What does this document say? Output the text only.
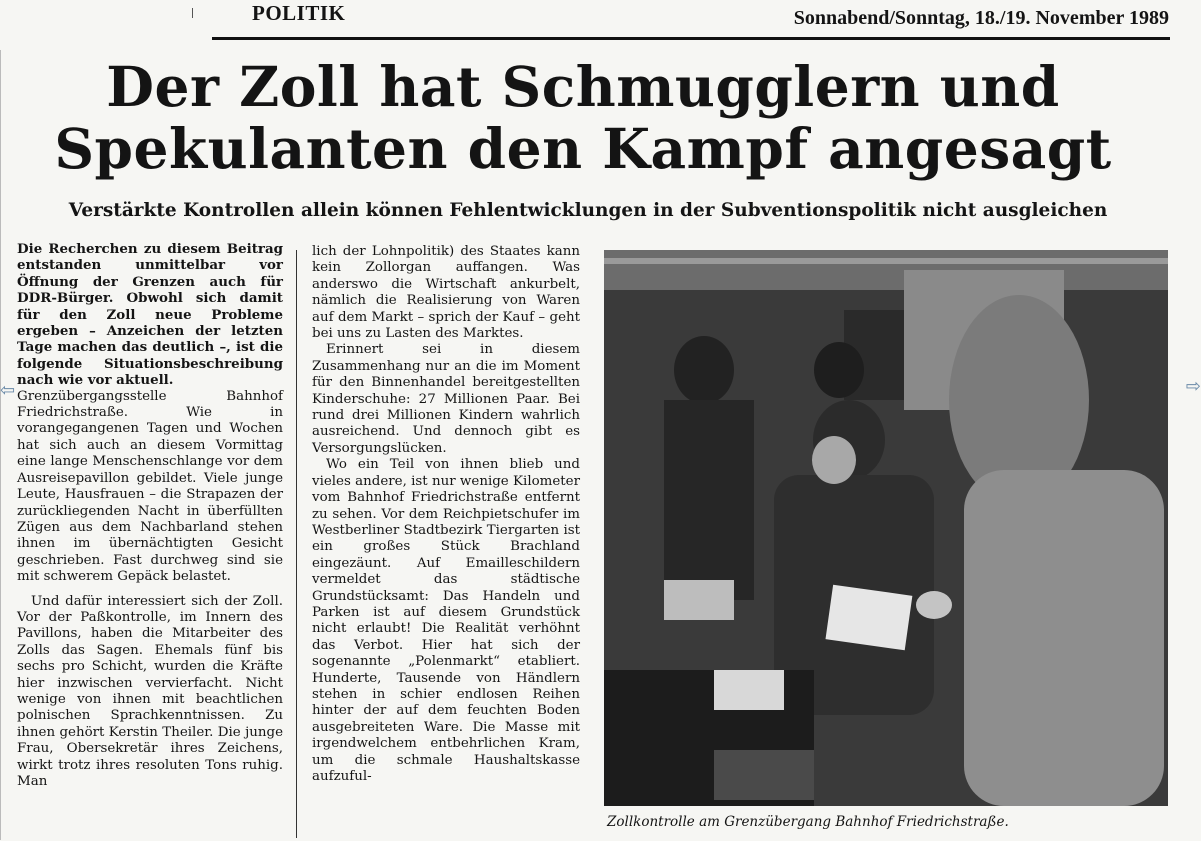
POLITIK	Sonnabend/Sonntag, 18./19. November 1989
Der Zoll hat Schmugglern und
Spekulanten den Kampf angesagt

Verstärkte Kontrollen allein können Fehlentwicklungen in der Subventionspolitik nicht ausgleichen

Die Recherchen zu diesem Beitrag entstanden unmittelbar vor Öffnung der Grenzen auch für DDR-Bürger. Obwohl sich damit für den Zoll neue Probleme ergeben – Anzeichen der letzten Tage machen das deutlich –, ist die folgende Situationsbeschreibung nach wie vor aktuell.

Grenzübergangsstelle Bahnhof Friedrichstraße. Wie in vorangegangenen Tagen und Wochen hat sich auch an diesem Vormittag eine lange Menschenschlange vor dem Ausreisepavillon gebildet. Viele junge Leute, Hausfrauen – die Strapazen der zurückliegenden Nacht in überfüllten Zügen aus dem Nachbarland stehen ihnen im übernächtigten Gesicht geschrieben. Fast durchweg sind sie mit schwerem Gepäck belastet.

Und dafür interessiert sich der Zoll. Vor der Paßkontrolle, im Innern des Pavillons, haben die Mitarbeiter des Zolls das Sagen. Ehemals fünf bis sechs pro Schicht, wurden die Kräfte hier inzwischen vervierfacht. Nicht wenige von ihnen mit beachtlichen polnischen Sprachkenntnissen. Zu ihnen gehört Kerstin Theiler. Die junge Frau, Obersekretär ihres Zeichens, wirkt trotz ihres resoluten Tons ruhig. Man

lich der Lohnpolitik) des Staates kann kein Zollorgan auffangen. Was anderswo die Wirtschaft ankurbelt, nämlich die Realisierung von Waren auf dem Markt – sprich der Kauf – geht bei uns zu Lasten des Marktes.

Erinnert sei in diesem Zusammenhang nur an die im Moment für den Binnenhandel bereitgestellten Kinderschuhe: 27 Millionen Paar. Bei rund drei Millionen Kindern wahrlich ausreichend. Und dennoch gibt es Versorgungslücken.

Wo ein Teil von ihnen blieb und vieles andere, ist nur wenige Kilometer vom Bahnhof Friedrichstraße entfernt zu sehen. Vor dem Reichpietschufer im Westberliner Stadtbezirk Tiergarten ist ein großes Stück Brachland eingezäunt. Auf Emailleschildern vermeldet das städtische Grundstücksamt: Das Handeln und Parken ist auf diesem Grundstück nicht erlaubt! Die Realität verhöhnt das Verbot. Hier hat sich der sogenannte „Polenmarkt“ etabliert. Hunderte, Tausende von Händlern stehen in schier endlosen Reihen hinter der auf dem feuchten Boden ausgebreiteten Ware. Die Masse mit irgendwelchem entbehrlichen Kram, um die schmale Haushaltskasse aufzuful-

Zollkontrolle am Grenzübergang Bahnhof Friedrichstraße.

⇦	⇨
